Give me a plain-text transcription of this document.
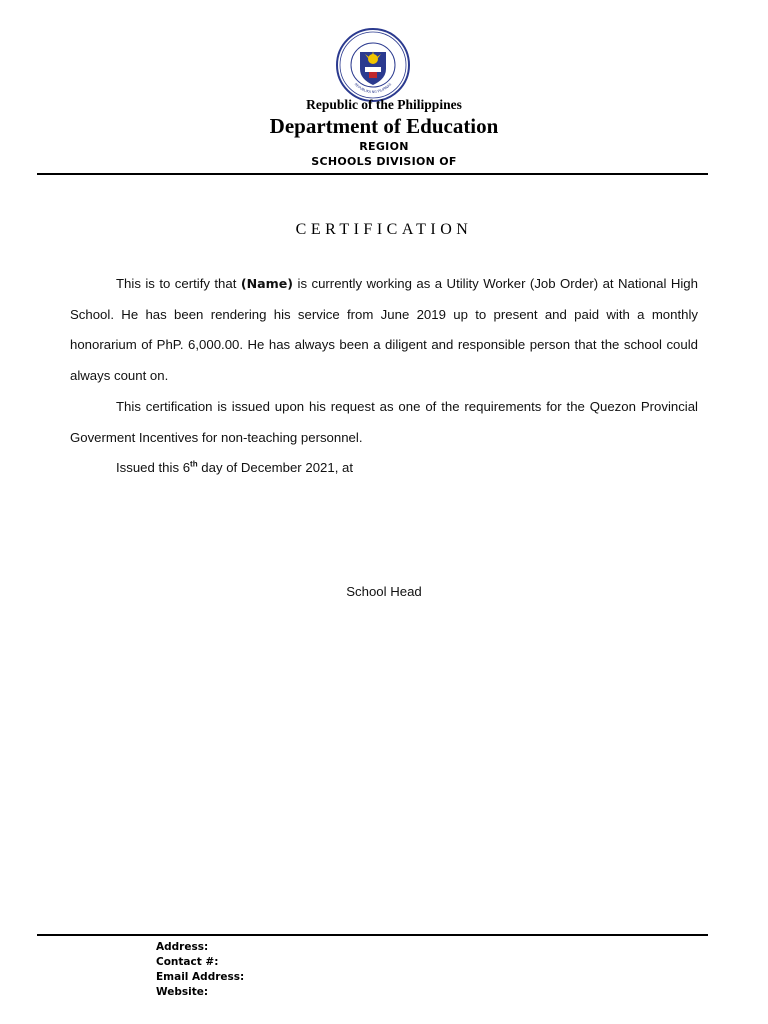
REPUBLIKA NG PILIPINAS
Republic of the Philippines
Department of Education
REGION
SCHOOLS DIVISION OF
CERTIFICATION

This is to certify that (Name) is currently working as a Utility Worker (Job Order) at National High School. He has been rendering his service from June 2019 up to present and paid with a monthly honorarium of PhP. 6,000.00. He has always been a diligent and responsible person that the school could always count on.

This certification is issued upon his request as one of the requirements for the Quezon Provincial Goverment Incentives for non-teaching personnel.

Issued this 6th day of December 2021, at

School Head
Address:
Contact #:
Email Address:
Website:
